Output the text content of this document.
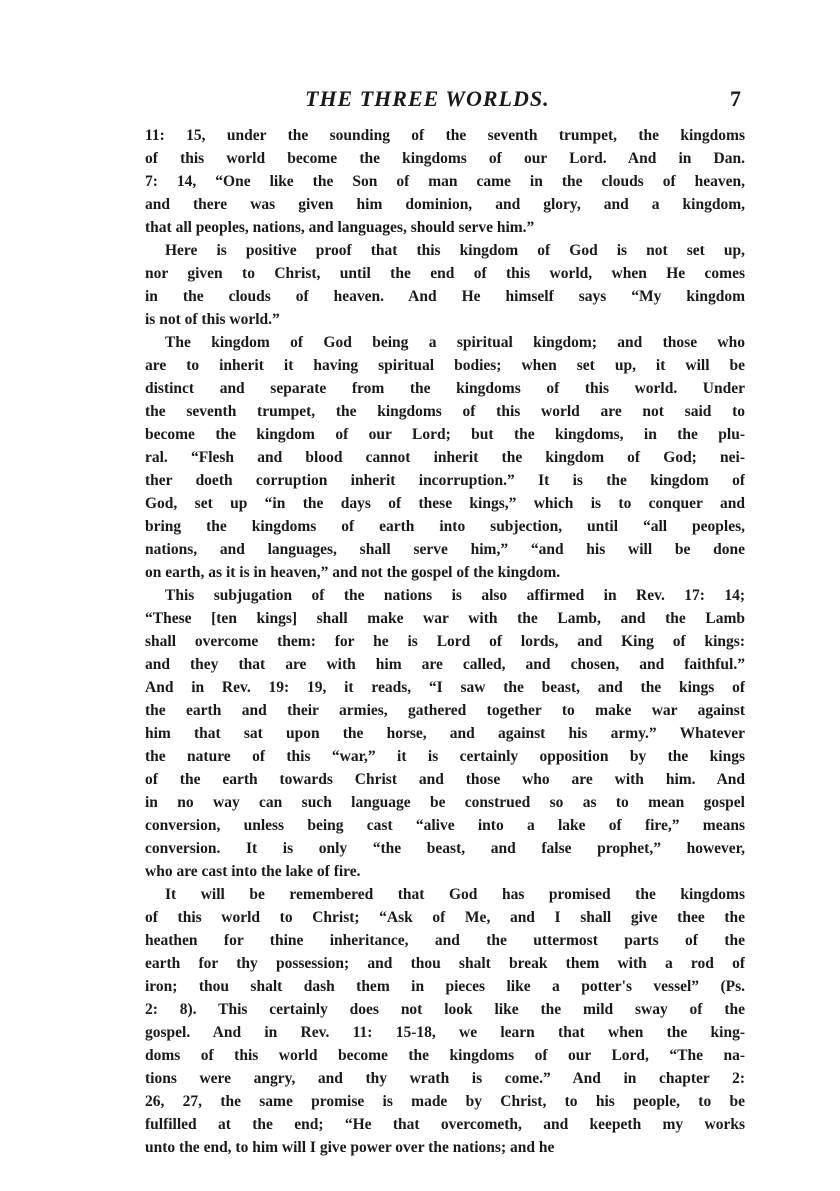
THE THREE WORLDS.	7
11: 15, under the sounding of the seventh trumpet, the kingdoms
of this world become the kingdoms of our Lord. And in Dan.
7: 14, “One like the Son of man came in the clouds of heaven,
and there was given him dominion, and glory, and a kingdom,
that all peoples, nations, and languages, should serve him.”
Here is positive proof that this kingdom of God is not set up,
nor given to Christ, until the end of this world, when He comes
in the clouds of heaven. And He himself says “My kingdom
is not of this world.”
The kingdom of God being a spiritual kingdom; and those who
are to inherit it having spiritual bodies; when set up, it will be
distinct and separate from the kingdoms of this world. Under
the seventh trumpet, the kingdoms of this world are not said to
become the kingdom of our Lord; but the kingdoms, in the plu-
ral. “Flesh and blood cannot inherit the kingdom of God; nei-
ther doeth corruption inherit incorruption.” It is the kingdom of
God, set up “in the days of these kings,” which is to conquer and
bring the kingdoms of earth into subjection, until “all peoples,
nations, and languages, shall serve him,” “and his will be done
on earth, as it is in heaven,” and not the gospel of the kingdom.
This subjugation of the nations is also affirmed in Rev. 17: 14;
“These [ten kings] shall make war with the Lamb, and the Lamb
shall overcome them: for he is Lord of lords, and King of kings:
and they that are with him are called, and chosen, and faithful.”
And in Rev. 19: 19, it reads, “I saw the beast, and the kings of
the earth and their armies, gathered together to make war against
him that sat upon the horse, and against his army.” Whatever
the nature of this “war,” it is certainly opposition by the kings
of the earth towards Christ and those who are with him. And
in no way can such language be construed so as to mean gospel
conversion, unless being cast “alive into a lake of fire,” means
conversion. It is only “the beast, and false prophet,” however,
who are cast into the lake of fire.
It will be remembered that God has promised the kingdoms
of this world to Christ; “Ask of Me, and I shall give thee the
heathen for thine inheritance, and the uttermost parts of the
earth for thy possession; and thou shalt break them with a rod of
iron; thou shalt dash them in pieces like a potter's vessel” (Ps.
2: 8). This certainly does not look like the mild sway of the
gospel. And in Rev. 11: 15-18, we learn that when the king-
doms of this world become the kingdoms of our Lord, “The na-
tions were angry, and thy wrath is come.” And in chapter 2:
26, 27, the same promise is made by Christ, to his people, to be
fulfilled at the end; “He that overcometh, and keepeth my works
unto the end, to him will I give power over the nations; and he
